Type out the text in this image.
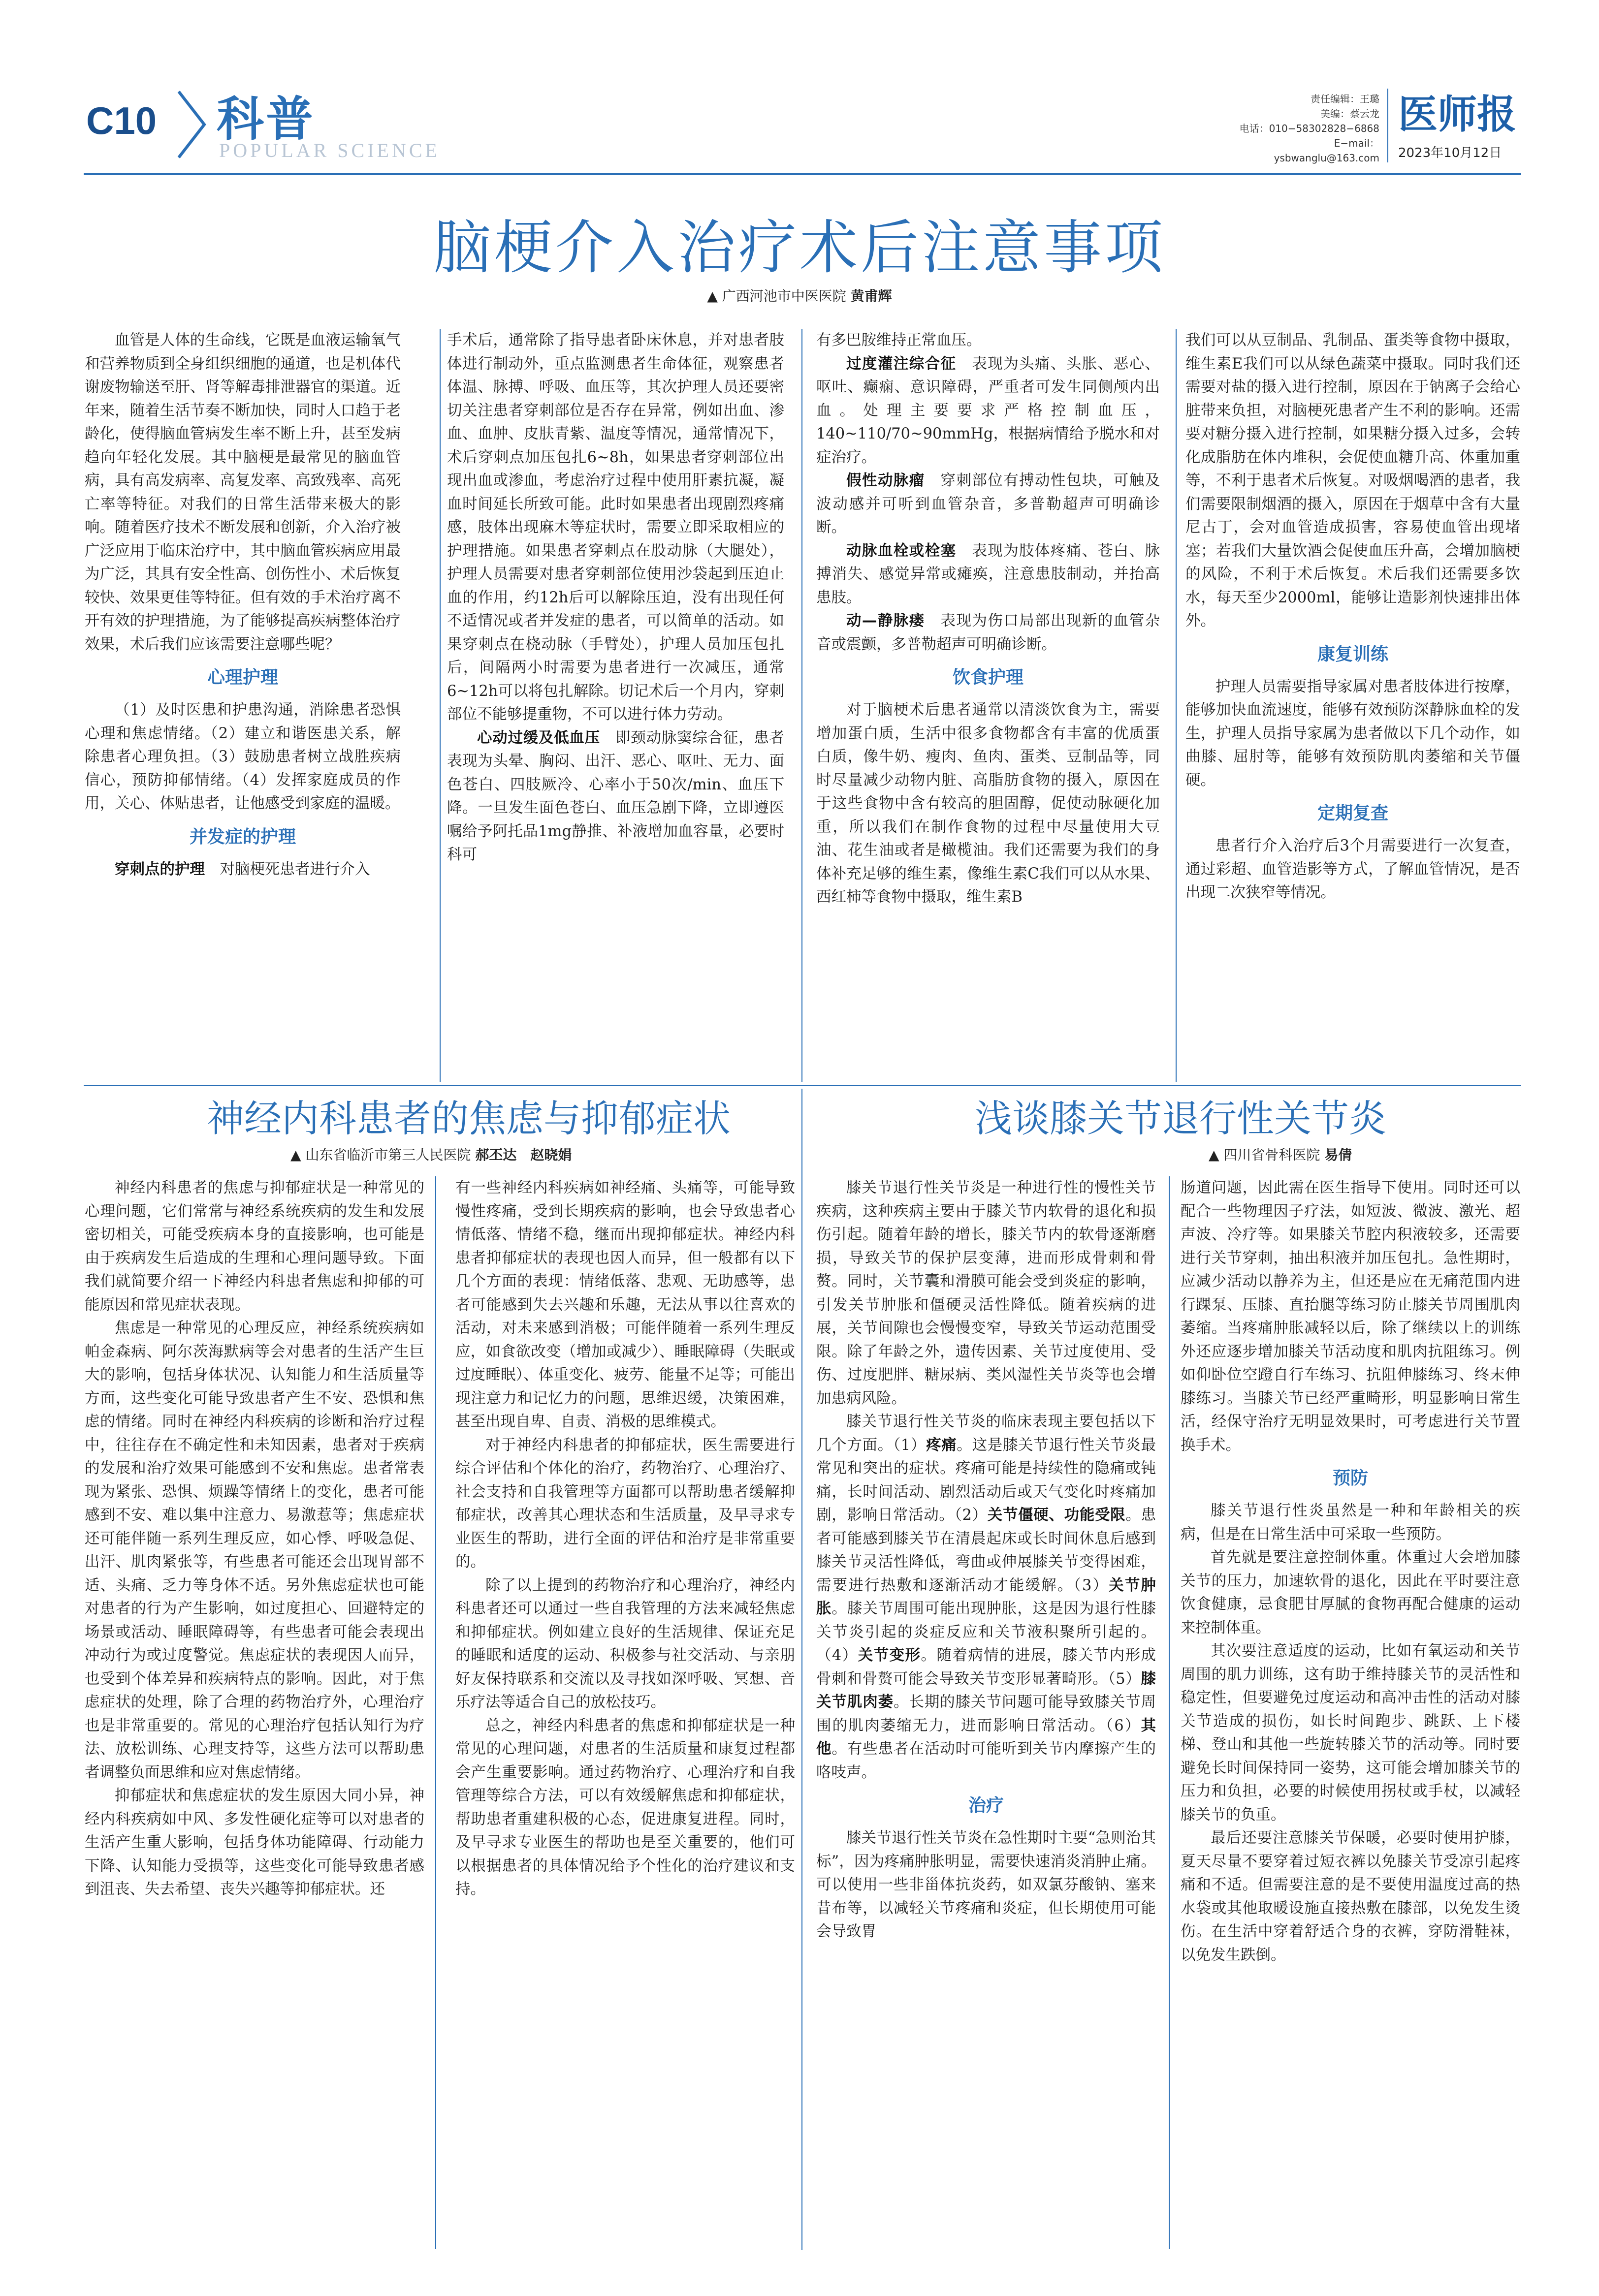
C10 科普
POPULAR SCIENCE
责任编辑：王璐
美编：蔡云龙
电话：010−58302828−6868
E−mail：ysbwanglu@163.com
医师报
2023年10月12日
脑梗介入治疗术后注意事项
▲ 广西河池市中医医院 黄甫辉

血管是人体的生命线，它既是血液运输氧气和营养物质到全身组织细胞的通道，也是机体代谢废物输送至肝、肾等解毒排泄器官的渠道。近年来，随着生活节奏不断加快，同时人口趋于老龄化，使得脑血管病发生率不断上升，甚至发病趋向年轻化发展。其中脑梗是最常见的脑血管病，具有高发病率、高复发率、高致残率、高死亡率等特征。对我们的日常生活带来极大的影响。随着医疗技术不断发展和创新，介入治疗被广泛应用于临床治疗中，其中脑血管疾病应用最为广泛，其具有安全性高、创伤性小、术后恢复较快、效果更佳等特征。但有效的手术治疗离不开有效的护理措施，为了能够提高疾病整体治疗效果，术后我们应该需要注意哪些呢？

心理护理

（1）及时医患和护患沟通，消除患者恐惧心理和焦虑情绪。（2）建立和谐医患关系，解除患者心理负担。（3）鼓励患者树立战胜疾病信心，预防抑郁情绪。（4）发挥家庭成员的作用，关心、体贴患者，让他感受到家庭的温暖。

并发症的护理

穿刺点的护理　 对脑梗死患者进行介入

手术后，通常除了指导患者卧床休息，并对患者肢体进行制动外，重点监测患者生命体征，观察患者体温、脉搏、呼吸、血压等，其次护理人员还要密切关注患者穿刺部位是否存在异常，例如出血、渗血、血肿、皮肤青紫、温度等情况，通常情况下，术后穿刺点加压包扎6~8h，如果患者穿刺部位出现出血或渗血，考虑治疗过程中使用肝素抗凝，凝血时间延长所致可能。此时如果患者出现剧烈疼痛感，肢体出现麻木等症状时，需要立即采取相应的护理措施。如果患者穿刺点在股动脉（大腿处），护理人员需要对患者穿刺部位使用沙袋起到压迫止血的作用，约12h后可以解除压迫，没有出现任何不适情况或者并发症的患者，可以简单的活动。如果穿刺点在桡动脉（手臂处），护理人员加压包扎后，间隔两小时需要为患者进行一次减压，通常6~12h可以将包扎解除。切记术后一个月内，穿刺部位不能够提重物，不可以进行体力劳动。

心动过缓及低血压　 即颈动脉窦综合征，患者表现为头晕、胸闷、出汗、恶心、呕吐、无力、面色苍白、四肢厥冷、心率小于50次/min、血压下降。一旦发生面色苍白、血压急剧下降，立即遵医嘱给予阿托品1mg静推、补液增加血容量，必要时科可

有多巴胺维持正常血压。

过度灌注综合征　 表现为头痛、头胀、恶心、呕吐、癫痫、意识障碍，严重者可发生同侧颅内出血。处理主要要求严格控制血压，140~110/70~90mmHg，根据病情给予脱水和对症治疗。

假性动脉瘤　 穿刺部位有搏动性包块，可触及波动感并可听到血管杂音，多普勒超声可明确诊断。

动脉血栓或栓塞　 表现为肢体疼痛、苍白、脉搏消失、感觉异常或瘫痪，注意患肢制动，并抬高患肢。

动—静脉瘘　 表现为伤口局部出现新的血管杂音或震颤，多普勒超声可明确诊断。

饮食护理

对于脑梗术后患者通常以清淡饮食为主，需要增加蛋白质，生活中很多食物都含有丰富的优质蛋白质，像牛奶、瘦肉、鱼肉、蛋类、豆制品等，同时尽量减少动物内脏、高脂肪食物的摄入，原因在于这些食物中含有较高的胆固醇，促使动脉硬化加重，所以我们在制作食物的过程中尽量使用大豆油、花生油或者是橄榄油。我们还需要为我们的身体补充足够的维生素，像维生素C我们可以从水果、西红柿等食物中摄取，维生素B

我们可以从豆制品、乳制品、蛋类等食物中摄取，维生素E我们可以从绿色蔬菜中摄取。同时我们还需要对盐的摄入进行控制，原因在于钠离子会给心脏带来负担，对脑梗死患者产生不利的影响。还需要对糖分摄入进行控制，如果糖分摄入过多，会转化成脂肪在体内堆积，会促使血糖升高、体重加重等，不利于患者术后恢复。对吸烟喝酒的患者，我们需要限制烟酒的摄入，原因在于烟草中含有大量尼古丁，会对血管造成损害，容易使血管出现堵塞；若我们大量饮酒会促使血压升高，会增加脑梗的风险，不利于术后恢复。术后我们还需要多饮水，每天至少2000ml，能够让造影剂快速排出体外。

康复训练

护理人员需要指导家属对患者肢体进行按摩，能够加快血流速度，能够有效预防深静脉血栓的发生，护理人员指导家属为患者做以下几个动作，如曲膝、屈肘等，能够有效预防肌肉萎缩和关节僵硬。

定期复查

患者行介入治疗后3个月需要进行一次复查，通过彩超、血管造影等方式，了解血管情况，是否出现二次狭窄等情况。

神经内科患者的焦虑与抑郁症状
▲ 山东省临沂市第三人民医院 郝丕达　赵晓娟

神经内科患者的焦虑与抑郁症状是一种常见的心理问题，它们常常与神经系统疾病的发生和发展密切相关，可能受疾病本身的直接影响，也可能是由于疾病发生后造成的生理和心理问题导致。下面我们就简要介绍一下神经内科患者焦虑和抑郁的可能原因和常见症状表现。

焦虑是一种常见的心理反应，神经系统疾病如帕金森病、阿尔茨海默病等会对患者的生活产生巨大的影响，包括身体状况、认知能力和生活质量等方面，这些变化可能导致患者产生不安、恐惧和焦虑的情绪。同时在神经内科疾病的诊断和治疗过程中，往往存在不确定性和未知因素，患者对于疾病的发展和治疗效果可能感到不安和焦虑。患者常表现为紧张、恐惧、烦躁等情绪上的变化，患者可能感到不安、难以集中注意力、易激惹等；焦虑症状还可能伴随一系列生理反应，如心悸、呼吸急促、出汗、肌肉紧张等，有些患者可能还会出现胃部不适、头痛、乏力等身体不适。另外焦虑症状也可能对患者的行为产生影响，如过度担心、回避特定的场景或活动、睡眠障碍等，有些患者可能会表现出冲动行为或过度警觉。焦虑症状的表现因人而异，也受到个体差异和疾病特点的影响。因此，对于焦虑症状的处理，除了合理的药物治疗外，心理治疗也是非常重要的。常见的心理治疗包括认知行为疗法、放松训练、心理支持等，这些方法可以帮助患者调整负面思维和应对焦虑情绪。

抑郁症状和焦虑症状的发生原因大同小异，神经内科疾病如中风、多发性硬化症等可以对患者的生活产生重大影响，包括身体功能障碍、行动能力下降、认知能力受损等，这些变化可能导致患者感到沮丧、失去希望、丧失兴趣等抑郁症状。还

有一些神经内科疾病如神经痛、头痛等，可能导致慢性疼痛，受到长期疾病的影响，也会导致患者心情低落、情绪不稳，继而出现抑郁症状。神经内科患者抑郁症状的表现也因人而异，但一般都有以下几个方面的表现：情绪低落、悲观、无助感等，患者可能感到失去兴趣和乐趣，无法从事以往喜欢的活动，对未来感到消极；可能伴随着一系列生理反应，如食欲改变（增加或减少）、睡眠障碍（失眠或过度睡眠）、体重变化、疲劳、能量不足等；可能出现注意力和记忆力的问题，思维迟缓，决策困难，甚至出现自卑、自责、消极的思维模式。

对于神经内科患者的抑郁症状，医生需要进行综合评估和个体化的治疗，药物治疗、心理治疗、社会支持和自我管理等方面都可以帮助患者缓解抑郁症状，改善其心理状态和生活质量，及早寻求专业医生的帮助，进行全面的评估和治疗是非常重要的。

除了以上提到的药物治疗和心理治疗，神经内科患者还可以通过一些自我管理的方法来减轻焦虑和抑郁症状。例如建立良好的生活规律、保证充足的睡眠和适度的运动、积极参与社交活动、与亲朋好友保持联系和交流以及寻找如深呼吸、冥想、音乐疗法等适合自己的放松技巧。

总之，神经内科患者的焦虑和抑郁症状是一种常见的心理问题，对患者的生活质量和康复过程都会产生重要影响。通过药物治疗、心理治疗和自我管理等综合方法，可以有效缓解焦虑和抑郁症状，帮助患者重建积极的心态，促进康复进程。同时，及早寻求专业医生的帮助也是至关重要的，他们可以根据患者的具体情况给予个性化的治疗建议和支持。

浅谈膝关节退行性关节炎
▲ 四川省骨科医院 易倩

膝关节退行性关节炎是一种进行性的慢性关节疾病，这种疾病主要由于膝关节内软骨的退化和损伤引起。随着年龄的增长，膝关节内的软骨逐渐磨损，导致关节的保护层变薄，进而形成骨刺和骨赘。同时，关节囊和滑膜可能会受到炎症的影响，引发关节肿胀和僵硬灵活性降低。随着疾病的进展，关节间隙也会慢慢变窄，导致关节运动范围受限。除了年龄之外，遗传因素、关节过度使用、受伤、过度肥胖、糖尿病、类风湿性关节炎等也会增加患病风险。

膝关节退行性关节炎的临床表现主要包括以下几个方面。（1）疼痛。这是膝关节退行性关节炎最常见和突出的症状。疼痛可能是持续性的隐痛或钝痛，长时间活动、剧烈活动后或天气变化时疼痛加剧，影响日常活动。（2）关节僵硬、功能受限。患者可能感到膝关节在清晨起床或长时间休息后感到膝关节灵活性降低，弯曲或伸展膝关节变得困难，需要进行热敷和逐渐活动才能缓解。（3）关节肿胀。膝关节周围可能出现肿胀，这是因为退行性膝关节炎引起的炎症反应和关节液积聚所引起的。（4）关节变形。随着病情的进展，膝关节内形成骨刺和骨赘可能会导致关节变形显著畸形。（5）膝关节肌肉萎。长期的膝关节问题可能导致膝关节周围的肌肉萎缩无力，进而影响日常活动。（6）其他。有些患者在活动时可能听到关节内摩擦产生的咯吱声。

治疗

膝关节退行性关节炎在急性期时主要“急则治其标”，因为疼痛肿胀明显，需要快速消炎消肿止痛。可以使用一些非甾体抗炎药，如双氯芬酸钠、塞来昔布等，以减轻关节疼痛和炎症，但长期使用可能会导致胃

肠道问题，因此需在医生指导下使用。同时还可以配合一些物理因子疗法，如短波、微波、激光、超声波、冷疗等。如果膝关节腔内积液较多，还需要进行关节穿刺，抽出积液并加压包扎。急性期时，应减少活动以静养为主，但还是应在无痛范围内进行踝泵、压膝、直抬腿等练习防止膝关节周围肌肉萎缩。当疼痛肿胀减轻以后，除了继续以上的训练外还应逐步增加膝关节活动度和肌肉抗阻练习。例如仰卧位空蹬自行车练习、抗阻伸膝练习、终末伸膝练习。当膝关节已经严重畸形，明显影响日常生活，经保守治疗无明显效果时，可考虑进行关节置换手术。

预防

膝关节退行性炎虽然是一种和年龄相关的疾病，但是在日常生活中可采取一些预防。

首先就是要注意控制体重。体重过大会增加膝关节的压力，加速软骨的退化，因此在平时要注意饮食健康，忌食肥甘厚腻的食物再配合健康的运动来控制体重。

其次要注意适度的运动，比如有氧运动和关节周围的肌力训练，这有助于维持膝关节的灵活性和稳定性，但要避免过度运动和高冲击性的活动对膝关节造成的损伤，如长时间跑步、跳跃、上下楼梯、登山和其他一些旋转膝关节的活动等。同时要避免长时间保持同一姿势，这可能会增加膝关节的压力和负担，必要的时候使用拐杖或手杖，以减轻膝关节的负重。

最后还要注意膝关节保暖，必要时使用护膝，夏天尽量不要穿着过短衣裤以免膝关节受凉引起疼痛和不适。但需要注意的是不要使用温度过高的热水袋或其他取暖设施直接热敷在膝部，以免发生烫伤。在生活中穿着舒适合身的衣裤，穿防滑鞋袜，以免发生跌倒。
